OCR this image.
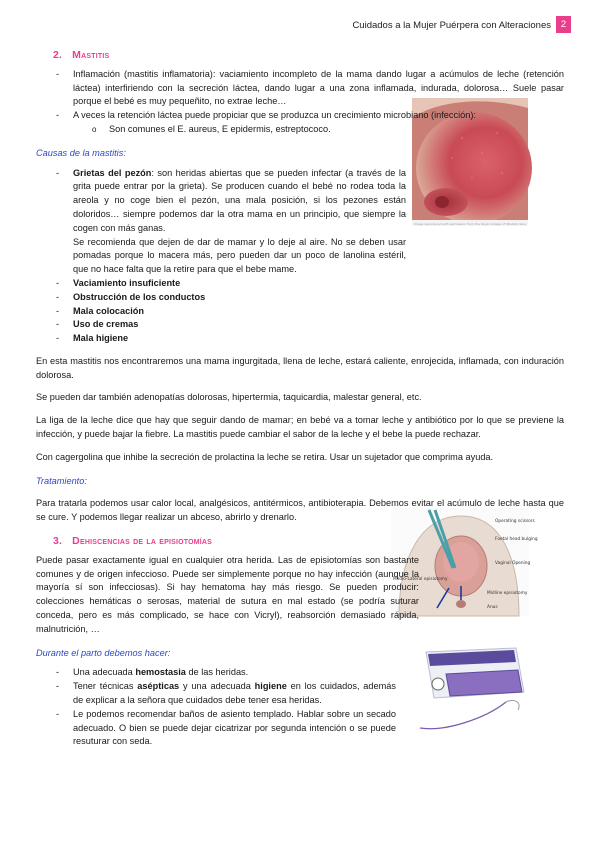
Cuidados a la Mujer Puérpera con Alteraciones	2
Image reproduced with permission from the Royal College of Obstetricians
Operating scissors
Foetal head bulging
Vaginal Opening
Medio-Lateral episiotomy
Midline episiotomy
Anus
2. Mastitis
- Inflamación (mastitis inflamatoria): vaciamiento incompleto de la mama dando lugar a acúmulos de leche (retención láctea) interfiriendo con la secreción láctea, dando lugar a una zona inflamada, indurada, dolorosa… Suele pasar porque el bebé es muy pequeñito, no extrae leche…
- A veces la retención láctea puede propiciar que se produzca un crecimiento microbiano (infección):
o Son comunes el E. aureus, E epidermis, estreptococo.
Causas de la mastitis:
- Grietas del pezón: son heridas abiertas que se pueden infectar (a través de la grita puede entrar por la grieta). Se producen cuando el bebé no rodea toda la areola y no coge bien el pezón, una mala posición, si los pezones están doloridos… siempre podemos dar la otra mama en un principio, que siempre la cogen con más ganas.
Se recomienda que dejen de dar de mamar y lo deje al aire. No se deben usar pomadas porque lo macera más, pero pueden dar un poco de lanolina estéril, que no hace falta que la retire para que el bebe mame.
- Vaciamiento insuficiente
- Obstrucción de los conductos
- Mala colocación
- Uso de cremas
- Mala higiene

En esta mastitis nos encontraremos una mama ingurgitada, llena de leche, estará caliente, enrojecida, inflamada, con induración dolorosa.

Se pueden dar también adenopatías dolorosas, hipertermia, taquicardia, malestar general, etc.

La liga de la leche dice que hay que seguir dando de mamar; en bebé va a tomar leche y antibiótico por lo que se previene la infección, y puede bajar la fiebre. La mastitis puede cambiar el sabor de la leche y el bebe la puede rechazar.

Con cagergolina que inhibe la secreción de prolactina la leche se retira. Usar un sujetador que comprima ayuda.

Tratamiento:

Para tratarla podemos usar calor local, analgésicos, antitérmicos, antibioterapia. Debemos evitar el acúmulo de leche hasta que se cure. Y podemos llegar realizar un abceso, abrirlo y drenarlo.

3. Dehiscencias de la episiotomías

Puede pasar exactamente igual en cualquier otra herida. Las de episiotomías son bastante comunes y de origen infeccioso. Puede ser simplemente porque no hay infección (aunque la mayoría sí son infecciosas). Si hay hematoma hay más riesgo. Se pueden producir: colecciones hemáticas o serosas, material de sutura en mal estado (se podría suturar conceda, pero es más complicado, se hace con Vicryl), reabsorción demasiado rápida, malnutrición, …

Durante el parto debemos hacer:
- Una adecuada hemostasia de las heridas.
- Tener técnicas asépticas y una adecuada higiene en los cuidados, además de explicar a la señora que cuidados debe tener esa heridas.
- Le podemos recomendar baños de asiento templado. Hablar sobre un secado adecuado. O bien se puede dejar cicatrizar por segunda intención o se puede resuturar con seda.
